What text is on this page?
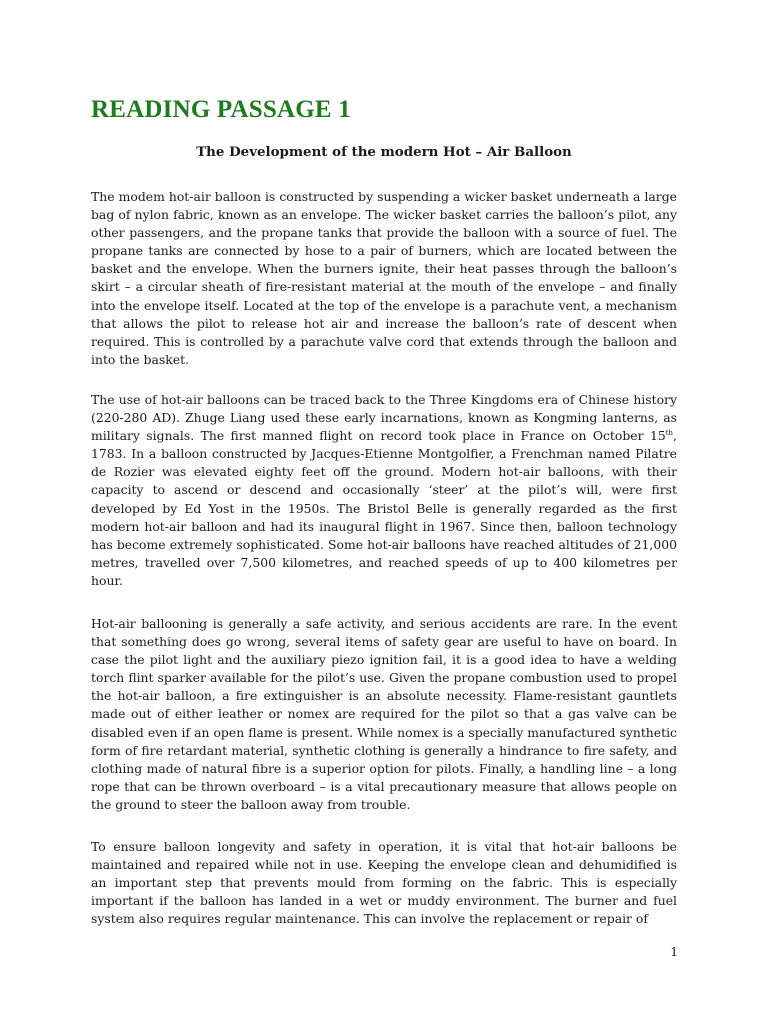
READING PASSAGE 1
The Development of the modern Hot – Air Balloon

The modem hot-air balloon is constructed by suspending a wicker basket underneath a large bag of nylon fabric, known as an envelope. The wicker basket carries the balloon’s pilot, any other passengers, and the propane tanks that provide the balloon with a source of fuel. The propane tanks are connected by hose to a pair of burners, which are located between the basket and the envelope. When the burners ignite, their heat passes through the balloon’s skirt – a circular sheath of fire-resistant material at the mouth of the envelope – and finally into the envelope itself. Located at the top of the envelope is a parachute vent, a mechanism that allows the pilot to release hot air and increase the balloon’s rate of descent when required. This is controlled by a parachute valve cord that extends through the balloon and into the basket.

The use of hot-air balloons can be traced back to the Three Kingdoms era of Chinese history (220-280 AD). Zhuge Liang used these early incarnations, known as Kongming lanterns, as military signals. The first manned flight on record took place in France on October 15th, 1783. In a balloon constructed by Jacques-Etienne Montgolfier, a Frenchman named Pilatre de Rozier was elevated eighty feet off the ground. Modern hot-air balloons, with their capacity to ascend or descend and occasionally ‘steer’ at the pilot’s will, were first developed by Ed Yost in the 1950s. The Bristol Belle is generally regarded as the first modern hot-air balloon and had its inaugural flight in 1967. Since then, balloon technology has become extremely sophisticated. Some hot-air balloons have reached altitudes of 21,000 metres, travelled over 7,500 kilometres, and reached speeds of up to 400 kilometres per hour.

Hot-air ballooning is generally a safe activity, and serious accidents are rare. In the event that something does go wrong, several items of safety gear are useful to have on board. In case the pilot light and the auxiliary piezo ignition fail, it is a good idea to have a welding torch flint sparker available for the pilot’s use. Given the propane combustion used to propel the hot-air balloon, a fire extinguisher is an absolute necessity. Flame-resistant gauntlets made out of either leather or nomex are required for the pilot so that a gas valve can be disabled even if an open flame is present. While nomex is a specially manufactured synthetic form of fire retardant material, synthetic clothing is generally a hindrance to fire safety, and clothing made of natural fibre is a superior option for pilots. Finally, a handling line – a long rope that can be thrown overboard – is a vital precautionary measure that allows people on the ground to steer the balloon away from trouble.

To ensure balloon longevity and safety in operation, it is vital that hot-air balloons be maintained and repaired while not in use. Keeping the envelope clean and dehumidified is an important step that prevents mould from forming on the fabric. This is especially important if the balloon has landed in a wet or muddy environment. The burner and fuel system also requires regular maintenance. This can involve the replacement or repair of

1
